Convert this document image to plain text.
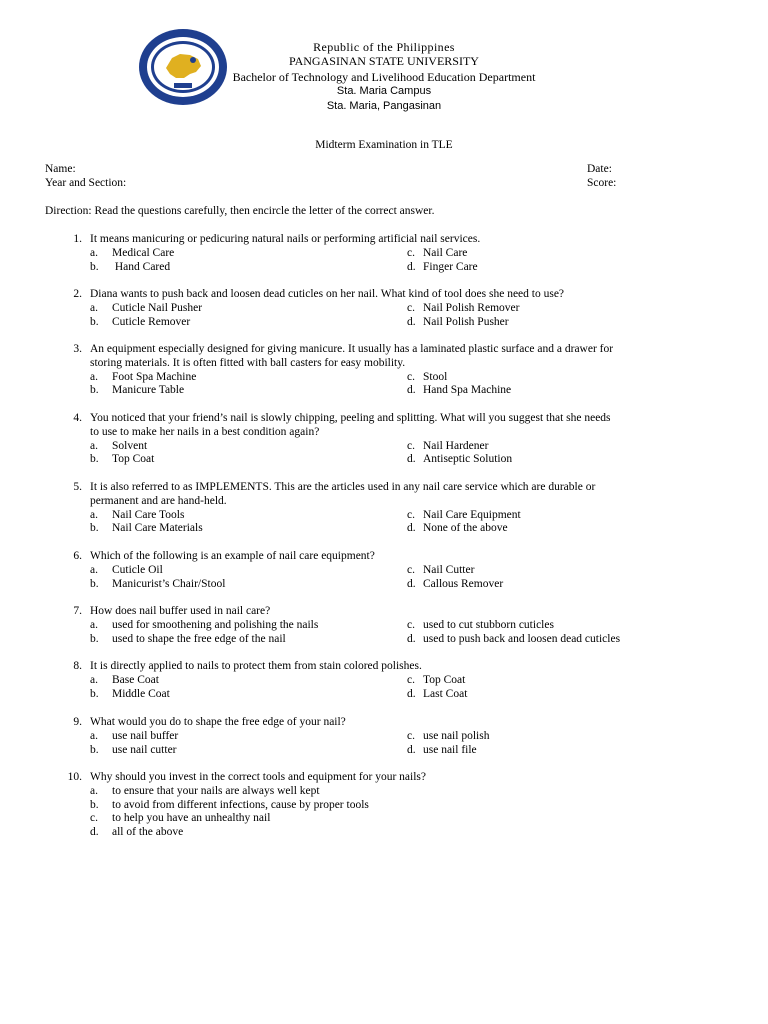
Republic of the Philippines
PANGASINAN STATE UNIVERSITY
Bachelor of Technology and Livelihood Education Department
Sta. Maria Campus
Sta. Maria, Pangasinan
Midterm Examination in TLE
Name:
Year and Section:
Date:
Score:
Direction: Read the questions carefully, then encircle the letter of the correct answer.
1. It means manicuring or pedicuring natural nails or performing artificial nail services.
a. Medical Care	c. Nail Care
b. Hand Cared	d. Finger Care
2. Diana wants to push back and loosen dead cuticles on her nail. What kind of tool does she need to use?
a. Cuticle Nail Pusher	c. Nail Polish Remover
b. Cuticle Remover	d. Nail Polish Pusher
3. An equipment especially designed for giving manicure. It usually has a laminated plastic surface and a drawer for
storing materials. It is often fitted with ball casters for easy mobility.
a. Foot Spa Machine	c. Stool
b. Manicure Table	d. Hand Spa Machine
4. You noticed that your friend’s nail is slowly chipping, peeling and splitting. What will you suggest that she needs
to use to make her nails in a best condition again?
a. Solvent	c. Nail Hardener
b. Top Coat	d. Antiseptic Solution
5. It is also referred to as IMPLEMENTS. This are the articles used in any nail care service which are durable or
permanent and are hand-held.
a. Nail Care Tools	c. Nail Care Equipment
b. Nail Care Materials	d. None of the above
6. Which of the following is an example of nail care equipment?
a. Cuticle Oil	c. Nail Cutter
b. Manicurist’s Chair/Stool	d. Callous Remover
7. How does nail buffer used in nail care?
a. used for smoothening and polishing the nails	c. used to cut stubborn cuticles
b. used to shape the free edge of the nail	d. used to push back and loosen dead cuticles
8. It is directly applied to nails to protect them from stain colored polishes.
a. Base Coat	c. Top Coat
b. Middle Coat	d. Last Coat
9. What would you do to shape the free edge of your nail?
a. use nail buffer	c. use nail polish
b. use nail cutter	d. use nail file
10. Why should you invest in the correct tools and equipment for your nails?
a. to ensure that your nails are always well kept
b. to avoid from different infections, cause by proper tools
c. to help you have an unhealthy nail
d. all of the above
